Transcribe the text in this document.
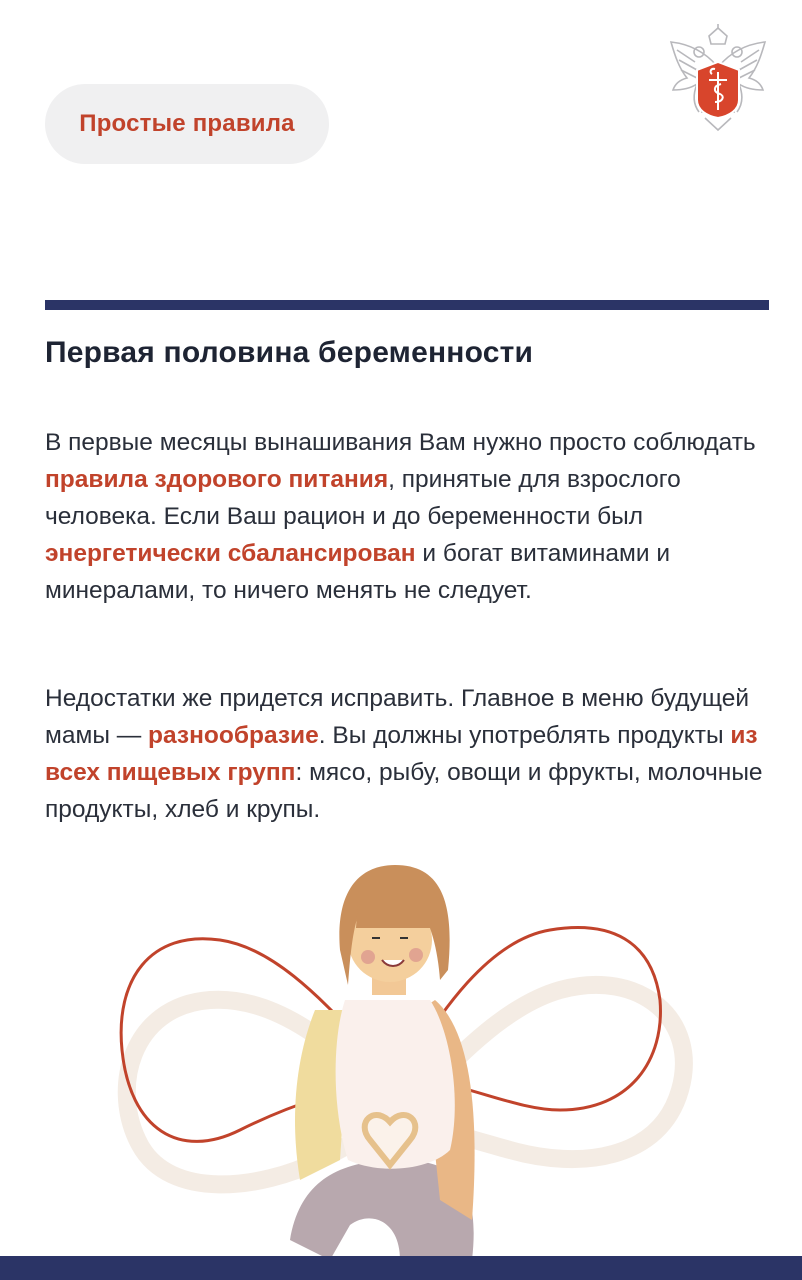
Простые правила
Первая половина беременности

В первые месяцы вынашивания Вам нужно просто соблюдать правила здорового питания, принятые для взрослого человека. Если Ваш рацион и до беременности был энергетически сбалансирован и богат витаминами и минералами, то ничего менять не следует.

Недостатки же придется исправить. Главное в меню будущей мамы — разнообразие. Вы должны употреблять продукты из всех пищевых групп: мясо, рыбу, овощи и фрукты, молочные продукты, хлеб и крупы.
